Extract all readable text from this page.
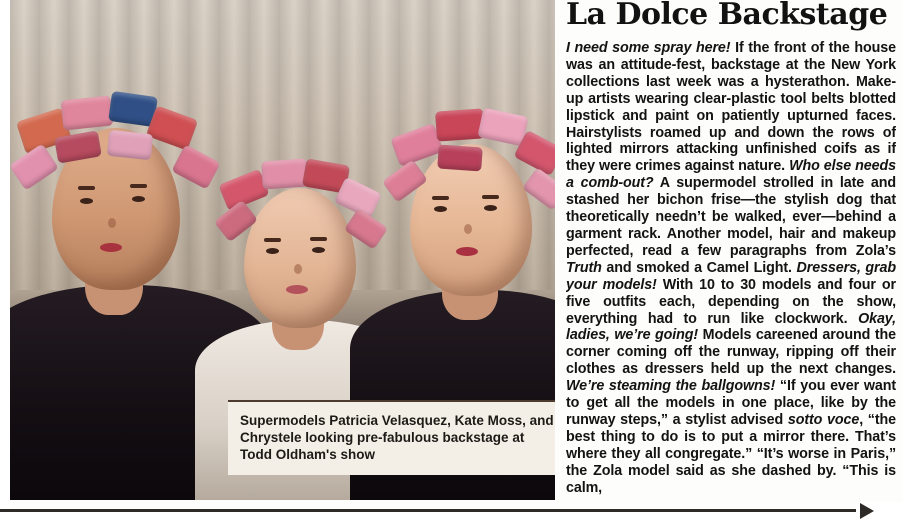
Supermodels Patricia Velasquez, Kate Moss, and Chrystele looking pre-fabulous backstage at Todd Oldham's show

La Dolce Backstage
I need some spray here! If the front of the house was an attitude-fest, backstage at the New York collections last week was a hysterathon. Make-up artists wearing clear-plastic tool belts blotted lipstick and paint on patiently upturned faces. Hairstylists roamed up and down the rows of lighted mirrors attacking unfinished coifs as if they were crimes against nature. Who else needs a comb-out? A supermodel strolled in late and stashed her bichon frise—the stylish dog that theoretically needn’t be walked, ever—behind a garment rack. Another model, hair and makeup perfected, read a few paragraphs from Zola’s Truth and smoked a Camel Light. Dressers, grab your models! With 10 to 30 models and four or five outfits each, depending on the show, everything had to run like clockwork. Okay, ladies, we’re going! Models careened around the corner coming off the runway, ripping off their clothes as dressers held up the next changes. We’re steaming the ballgowns! “If you ever want to get all the models in one place, like by the runway steps,” a stylist advised sotto voce, “the best thing to do is to put a mirror there. That’s where they all congregate.” “It’s worse in Paris,” the Zola model said as she dashed by. “This is calm,
